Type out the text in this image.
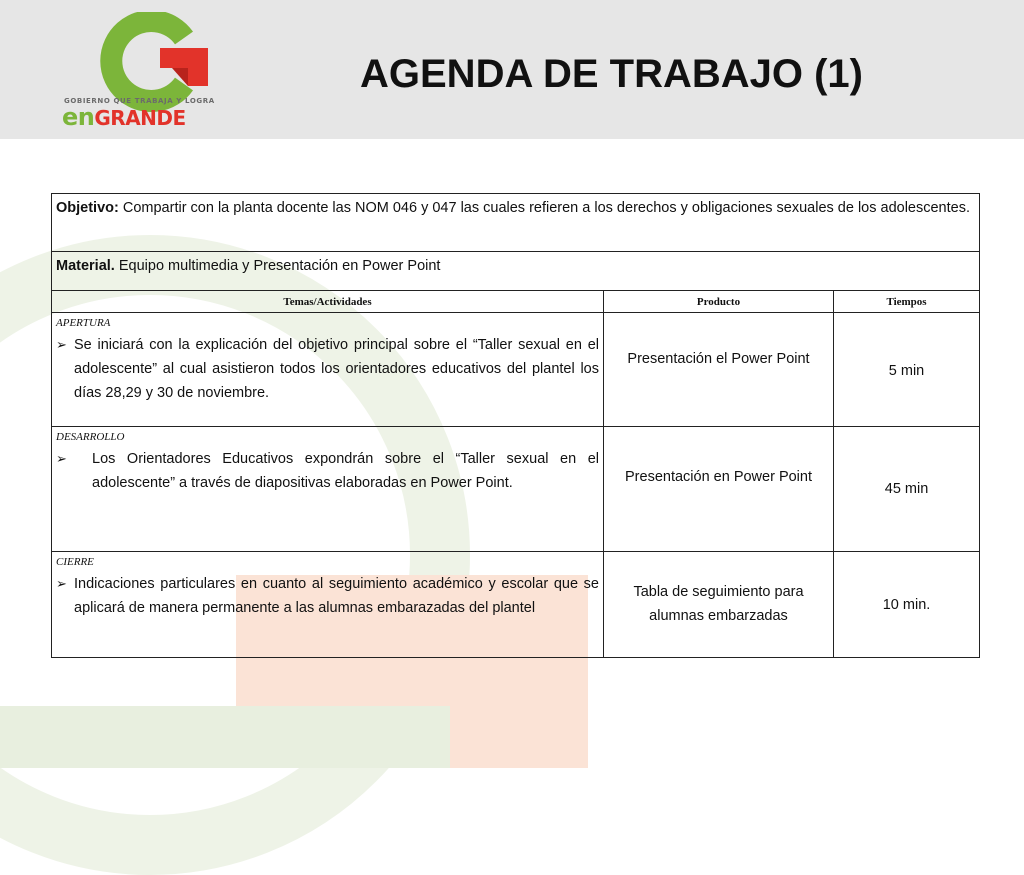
GOBIERNO QUE TRABAJA Y LOGRA
enGRANDE
AGENDA DE TRABAJO (1)
Objetivo: Compartir con la planta docente las NOM 046 y 047 las cuales refieren a los derechos y obligaciones sexuales de los adolescentes.		

Material. Equipo multimedia y Presentación en Power Point		

Temas/Actividades	Producto	Tiempos

APERTURA
➢ Se iniciará con la explicación del objetivo principal sobre el “Taller sexual en el adolescente” al cual asistieron todos los orientadores educativos del plantel los días 28,29 y 30 de noviembre.	Presentación el Power Point	5 min

DESARROLLO
➢ Los Orientadores Educativos expondrán sobre el “Taller sexual en el adolescente” a través de diapositivas elaboradas en Power Point.	Presentación en Power Point	45 min

CIERRE
➢ Indicaciones particulares en cuanto al seguimiento académico y escolar que se aplicará de manera permanente a las alumnas embarazadas del plantel	Tabla de seguimiento para alumnas embarzadas	10 min.
